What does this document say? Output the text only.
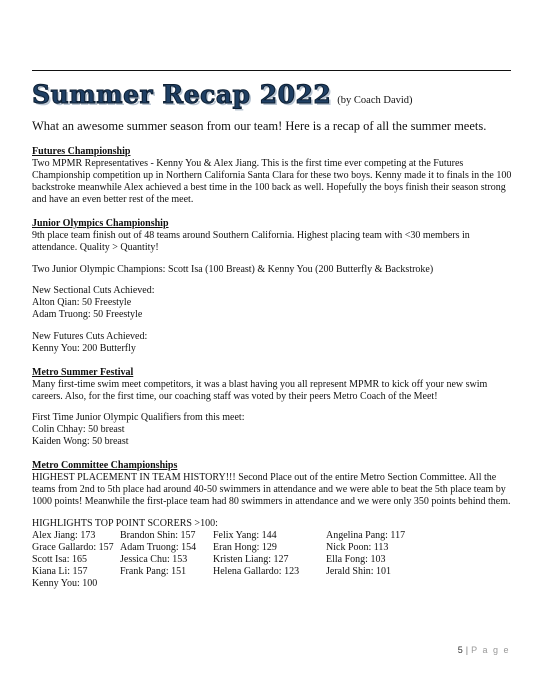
Summer Recap 2022 (by Coach David)
What an awesome summer season from our team! Here is a recap of all the summer meets.

Futures Championship

Two MPMR Representatives - Kenny You & Alex Jiang. This is the first time ever competing at the Futures Championship competition up in Northern California Santa Clara for these two boys. Kenny made it to finals in the 100 backstroke meanwhile Alex achieved a best time in the 100 back as well. Hopefully the boys finish their season strong and have an even better rest of the meet.

Junior Olympics Championship

9th place team finish out of 48 teams around Southern California. Highest placing team with <30 members in attendance. Quality > Quantity!

Two Junior Olympic Champions: Scott Isa (100 Breast) & Kenny You (200 Butterfly & Backstroke)

New Sectional Cuts Achieved:

Alton Qian: 50 Freestyle

Adam Truong: 50 Freestyle

New Futures Cuts Achieved:

Kenny You: 200 Butterfly

Metro Summer Festival

Many first-time swim meet competitors, it was a blast having you all represent MPMR to kick off your new swim careers. Also, for the first time, our coaching staff was voted by their peers Metro Coach of the Meet!

First Time Junior Olympic Qualifiers from this meet:

Colin Chhay: 50 breast

Kaiden Wong: 50 breast

Metro Committee Championships

HIGHEST PLACEMENT IN TEAM HISTORY!!! Second Place out of the entire Metro Section Committee. All the teams from 2nd to 5th place had around 40-50 swimmers in attendance and we were able to beat the 5th place team by 1000 points! Meanwhile the first-place team had 80 swimmers in attendance and we were only 350 points behind them.

HIGHLIGHTS TOP POINT SCORERS >100:

Alex Jiang: 173	Brandon Shin: 157	Felix Yang: 144	Angelina Pang: 117
Grace Gallardo: 157 Adam Truong: 154	Eran Hong: 129	Nick Poon: 113
Scott Isa: 165	Jessica Chu: 153	Kristen Liang: 127	Ella Fong: 103
Kiana Li: 157	Frank Pang: 151	Helena Gallardo: 123	Jerald Shin: 101
Kenny You: 100
5 | P a g e
